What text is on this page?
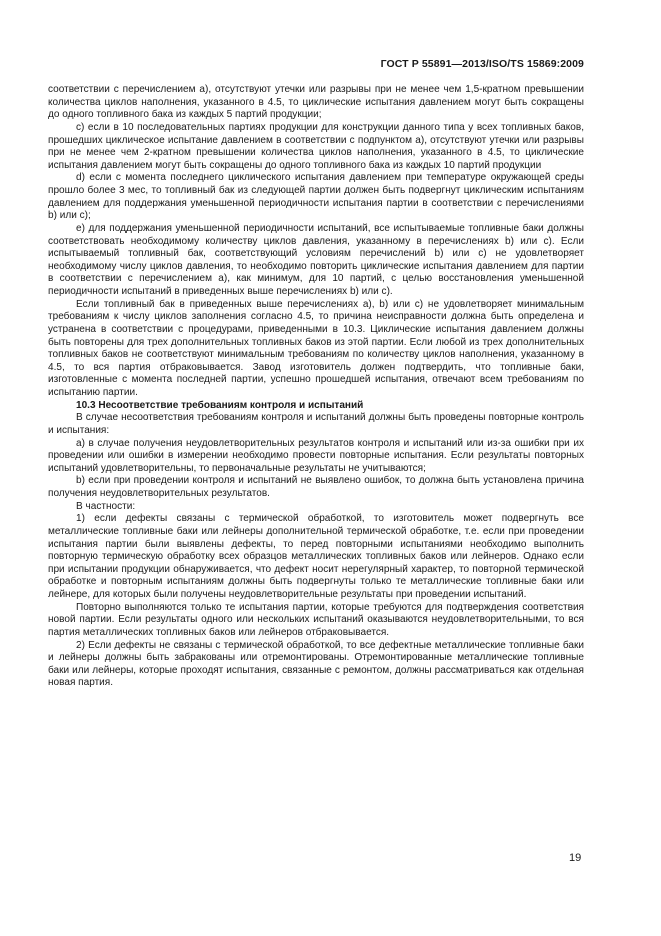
ГОСТ Р 55891—2013/ISO/TS 15869:2009

соответствии с перечислением a), отсутствуют утечки или разрывы при не менее чем 1,5-кратном превышении количества циклов наполнения, указанного в 4.5, то циклические испытания давлением могут быть сокращены до одного топливного бака из каждых 5 партий продукции;

c) если в 10 последовательных партиях продукции для конструкции данного типа у всех топливных баков, прошедших циклическое испытание давлением в соответствии с подпунктом a), отсутствуют утечки или разрывы при не менее чем 2-кратном превышении количества циклов наполнения, указанного в 4.5, то циклические испытания давлением могут быть сокращены до одного топливного бака из каждых 10 партий продукции

d) если с момента последнего циклического испытания давлением при температуре окружающей среды прошло более 3 мес, то топливный бак из следующей партии должен быть подвергнут циклическим испытаниям давлением для поддержания уменьшенной периодичности испытания партии в соответствии с перечислениями b) или c);

e) для поддержания уменьшенной периодичности испытаний, все испытываемые топливные баки должны соответствовать необходимому количеству циклов давления, указанному в перечислениях b) или c). Если испытываемый топливный бак, соответствующий условиям перечислений b) или c) не удовлетворяет необходимому числу циклов давления, то необходимо повторить циклические испытания давлением для партии в соответствии с перечислением a), как минимум, для 10 партий, с целью восстановления уменьшенной периодичности испытаний в приведенных выше перечислениях b) или c).

Если топливный бак в приведенных выше перечислениях a), b) или c) не удовлетворяет минимальным требованиям к числу циклов заполнения согласно 4.5, то причина неисправности должна быть определена и устранена в соответствии с процедурами, приведенными в 10.3. Циклические испытания давлением должны быть повторены для трех дополнительных топливных баков из этой партии. Если любой из трех дополнительных топливных баков не соответствуют минимальным требованиям по количеству циклов наполнения, указанному в 4.5, то вся партия отбраковывается. Завод изготовитель должен подтвердить, что топливные баки, изготовленные с момента последней партии, успешно прошедшей испытания, отвечают всем требованиям по испытанию партии.

10.3 Несоответствие требованиям контроля и испытаний

В случае несоответствия требованиям контроля и испытаний должны быть проведены повторные контроль и испытания:

a) в случае получения неудовлетворительных результатов контроля и испытаний или из-за ошибки при их проведении или ошибки в измерении необходимо провести повторные испытания. Если результаты повторных испытаний удовлетворительны, то первоначальные результаты не учитываются;

b) если при проведении контроля и испытаний не выявлено ошибок, то должна быть установлена причина получения неудовлетворительных результатов.

В частности:

1) если дефекты связаны с термической обработкой, то изготовитель может подвергнуть все металлические топливные баки или лейнеры дополнительной термической обработке, т.е. если при проведении испытания партии были выявлены дефекты, то перед повторными испытаниями необходимо выполнить повторную термическую обработку всех образцов металлических топливных баков или лейнеров. Однако если при испытании продукции обнаруживается, что дефект носит нерегулярный характер, то повторной термической обработке и повторным испытаниям должны быть подвергнуты только те металлические топливные баки или лейнере, для которых были получены неудовлетворительные результаты при проведении испытаний.

Повторно выполняются только те испытания партии, которые требуются для подтверждения соответствия новой партии. Если результаты одного или нескольких испытаний оказываются неудовлетворительными, то вся партия металлических топливных баков или лейнеров отбраковывается.

2) Если дефекты не связаны с термической обработкой, то все дефектные металлические топливные баки и лейнеры должны быть забракованы или отремонтированы. Отремонтированные металлические топливные баки или лейнеры, которые проходят испытания, связанные с ремонтом, должны рассматриваться как отдельная новая партия.

19
